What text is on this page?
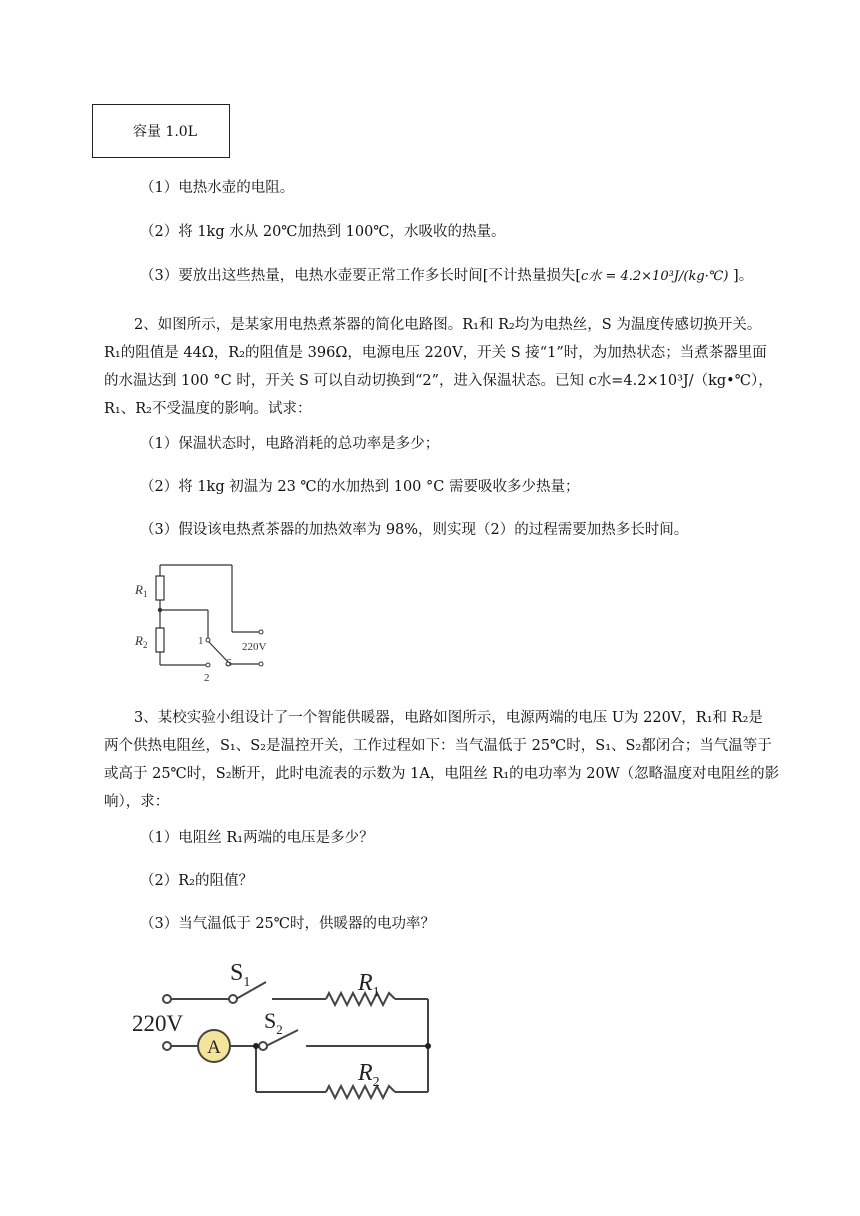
容量 1.0L
（1）电热水壶的电阻。
（2）将 1kg 水从 20℃加热到 100℃，水吸收的热量。
（3）要放出这些热量，电热水壶要正常工作多长时间[不计热量损失[c水 = 4.2×10³J/(kg·℃) ]。
2、如图所示，是某家用电热煮茶器的简化电路图。R₁和 R₂均为电热丝，S 为温度传感切换开关。
R₁的阻值是 44Ω，R₂的阻值是 396Ω，电源电压 220V，开关 S 接“1”时，为加热状态；当煮茶器里面
的水温达到 100 °C 时，开关 S 可以自动切换到“2”，进入保温状态。已知 c水=4.2×10³J/（kg•℃），
R₁、R₂不受温度的影响。试求：
（1）保温状态时，电路消耗的总功率是多少；
（2）将 1kg 初温为 23 ℃的水加热到 100 °C 需要吸收多少热量；
（3）假设该电热煮茶器的加热效率为 98%，则实现（2）的过程需要加热多长时间。
$R_1$
$R_2$	1
2
S
220V
3、某校实验小组设计了一个智能供暖器，电路如图所示，电源两端的电压 U为 220V，R₁和 R₂是
两个供热电阻丝，S₁、S₂是温控开关，工作过程如下：当气温低于 25℃时，S₁、S₂都闭合；当气温等于
或高于 25℃时，S₂断开，此时电流表的示数为 1A，电阻丝 R₁的电功率为 20W（忽略温度对电阻丝的影
响），求：
（1）电阻丝 R₁两端的电压是多少？
（2）R₂的阻值？
（3）当气温低于 25℃时，供暖器的电功率？
A
$S_1$
$S_2$
$R_1$
$R_2$
220V
